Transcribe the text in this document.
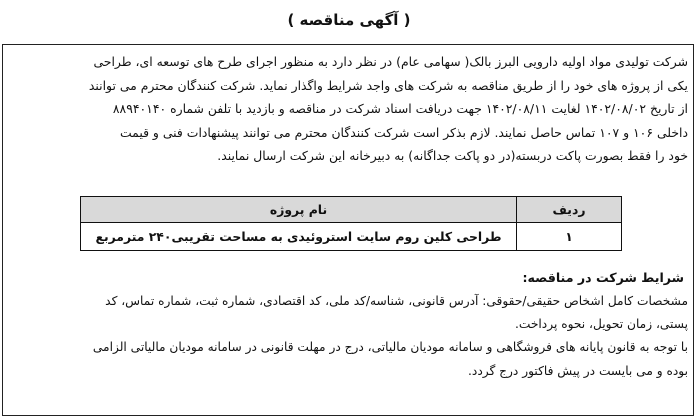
( آگهی مناقصه )
شرکت تولیدی مواد اولیه دارویی البرز بالک( سهامی عام) در نظر دارد به منظور اجرای طرح های توسعه ای، طراحی
یکی از پروژه های خود را از طریق مناقصه به شرکت های واجد شرایط واگذار نماید. شرکت کنندگان محترم می توانند
از تاریخ ۱۴۰۲/۰۸/۰۲ لغایت ۱۴۰۲/۰۸/۱۱ جهت دریافت اسناد شرکت در مناقصه و بازدید با تلفن شماره ۸۸۹۴۰۱۴۰
داخلی ۱۰۶ و ۱۰۷ تماس حاصل نمایند. لازم بذکر است شرکت کنندگان محترم می توانند پیشنهادات فنی و قیمت
خود را فقط بصورت پاکت دربسته(در دو پاکت جداگانه) به دبیرخانه این شرکت ارسال نمایند.
ردیف	نام پروژه
۱	طراحی کلین روم سایت استروئیدی به مساحت تقریبی۲۴۰ مترمربع
شرایط شرکت در مناقصه:
مشخصات کامل اشخاص حقیقی/حقوقی: آدرس قانونی، شناسه/کد ملی، کد اقتصادی، شماره ثبت، شماره تماس، کد
پستی، زمان تحویل، نحوه پرداخت.
با توجه به قانون پایانه های فروشگاهی و سامانه مودیان مالیاتی، درج در مهلت قانونی در سامانه مودیان مالیاتی الزامی
بوده و می بایست در پیش فاکتور درج گردد.
